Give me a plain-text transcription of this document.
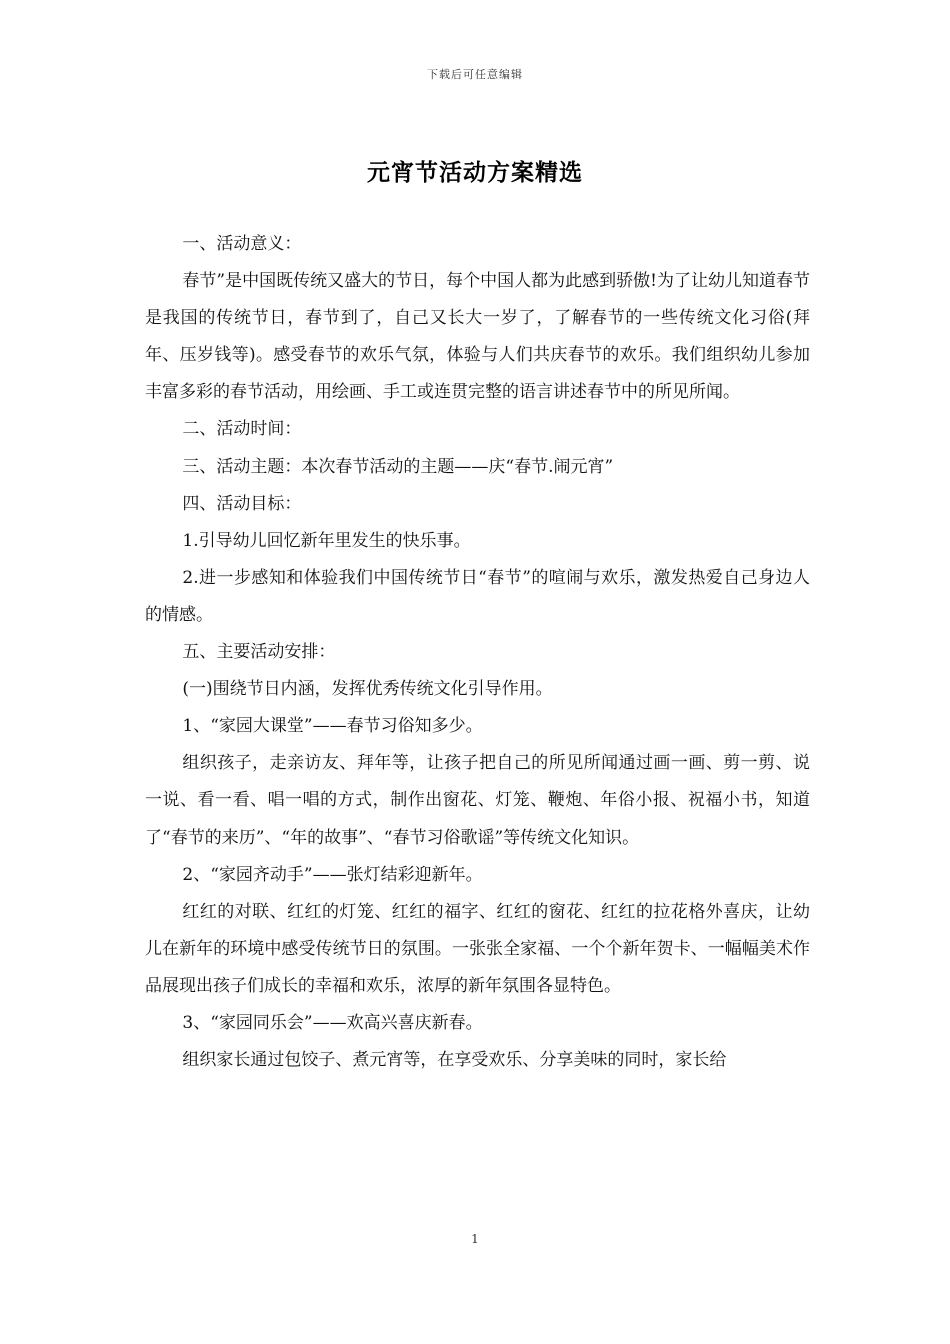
下载后可任意编辑
元宵节活动方案精选

一、活动意义：

春节”是中国既传统又盛大的节日，每个中国人都为此感到骄傲!为了让幼儿知道春节是我国的传统节日，春节到了，自己又长大一岁了，了解春节的一些传统文化习俗(拜年、压岁钱等)。感受春节的欢乐气氛，体验与人们共庆春节的欢乐。我们组织幼儿参加丰富多彩的春节活动，用绘画、手工或连贯完整的语言讲述春节中的所见所闻。

二、活动时间：

三、活动主题：本次春节活动的主题——庆“春节.闹元宵”

四、活动目标：

1.引导幼儿回忆新年里发生的快乐事。

2.进一步感知和体验我们中国传统节日“春节”的喧闹与欢乐，激发热爱自己身边人的情感。

五、主要活动安排：

(一)围绕节日内涵，发挥优秀传统文化引导作用。

1、“家园大课堂”——春节习俗知多少。

组织孩子，走亲访友、拜年等，让孩子把自己的所见所闻通过画一画、剪一剪、说一说、看一看、唱一唱的方式，制作出窗花、灯笼、鞭炮、年俗小报、祝福小书，知道了“春节的来历”、“年的故事”、“春节习俗歌谣”等传统文化知识。

2、“家园齐动手”——张灯结彩迎新年。

红红的对联、红红的灯笼、红红的福字、红红的窗花、红红的拉花格外喜庆，让幼儿在新年的环境中感受传统节日的氛围。一张张全家福、一个个新年贺卡、一幅幅美术作品展现出孩子们成长的幸福和欢乐，浓厚的新年氛围各显特色。

3、“家园同乐会”——欢高兴喜庆新春。

组织家长通过包饺子、煮元宵等，在享受欢乐、分享美味的同时，家长给

1
